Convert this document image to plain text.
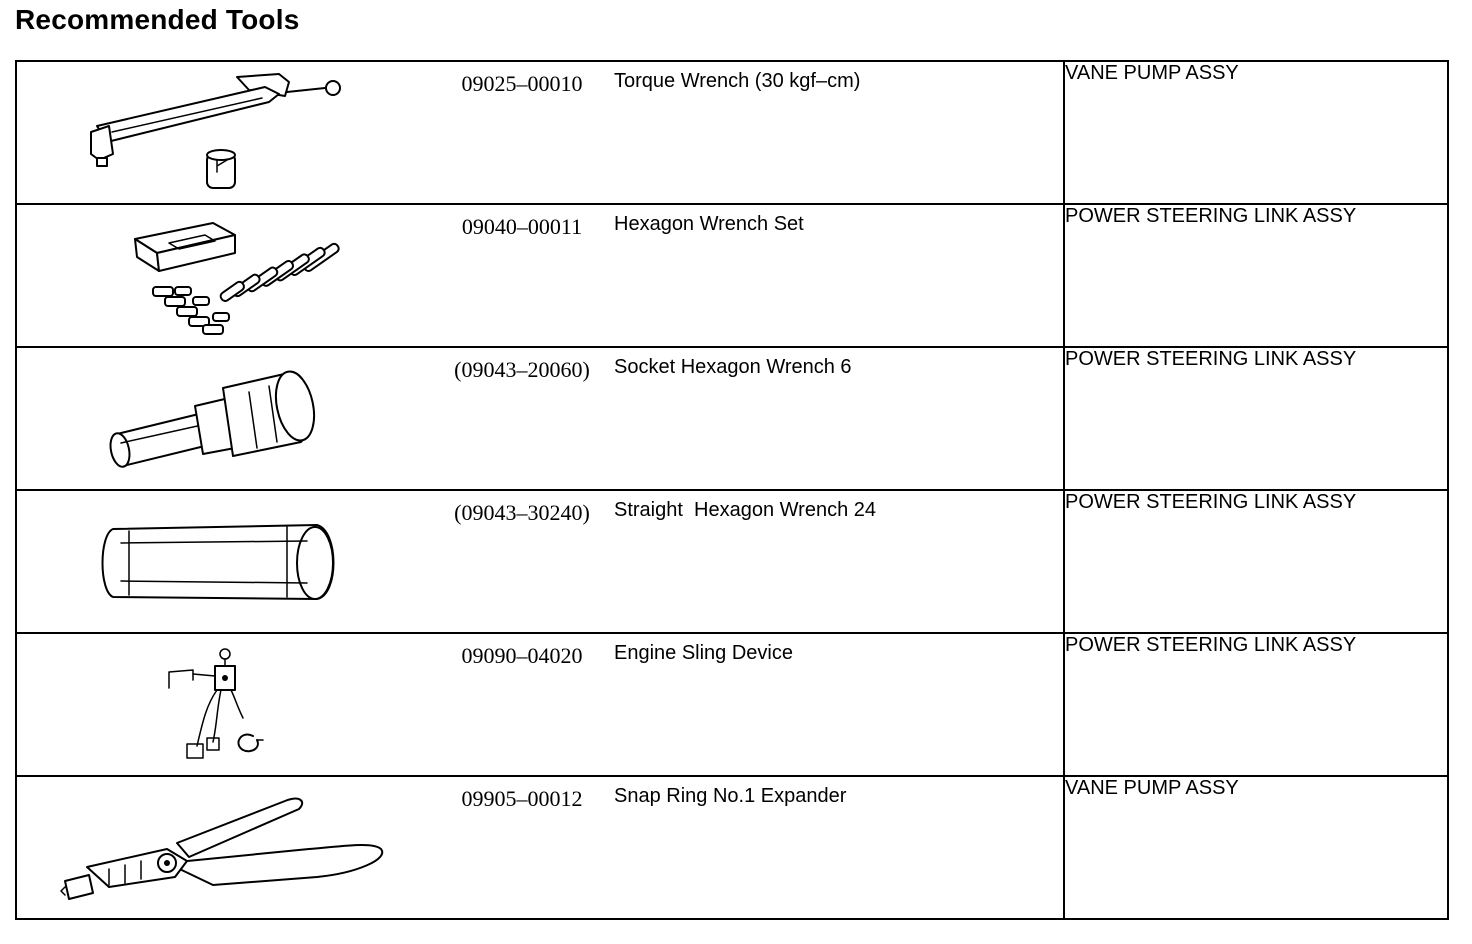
Recommended Tools
09025–00010 Torque Wrench (30 kgf–cm)	VANE PUMP ASSY

09040–00011 Hexagon Wrench Set	POWER STEERING LINK ASSY

(09043–20060) Socket Hexagon Wrench 6	POWER STEERING LINK ASSY

(09043–30240) Straight  Hexagon Wrench 24	POWER STEERING LINK ASSY

09090–04020 Engine Sling Device	POWER STEERING LINK ASSY

09905–00012 Snap Ring No.1 Expander	VANE PUMP ASSY
